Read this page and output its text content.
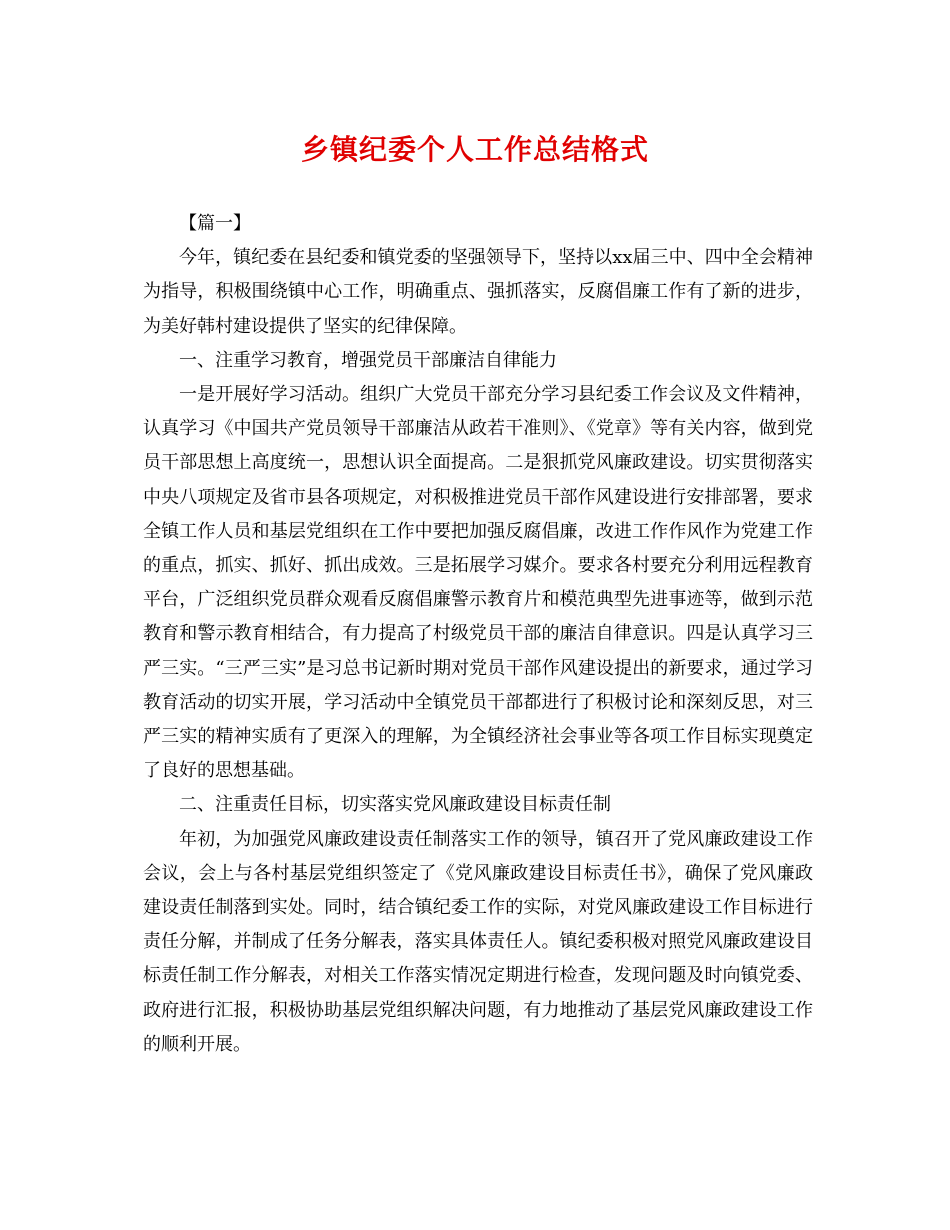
乡镇纪委个人工作总结格式

【篇一】

今年，镇纪委在县纪委和镇党委的坚强领导下，坚持以xx届三中、四中全会精神为指导，积极围绕镇中心工作，明确重点、强抓落实，反腐倡廉工作有了新的进步，为美好韩村建设提供了坚实的纪律保障。

一、注重学习教育，增强党员干部廉洁自律能力

一是开展好学习活动。组织广大党员干部充分学习县纪委工作会议及文件精神，认真学习《中国共产党员领导干部廉洁从政若干准则》、《党章》等有关内容，做到党员干部思想上高度统一，思想认识全面提高。二是狠抓党风廉政建设。切实贯彻落实中央八项规定及省市县各项规定，对积极推进党员干部作风建设进行安排部署，要求全镇工作人员和基层党组织在工作中要把加强反腐倡廉，改进工作作风作为党建工作的重点，抓实、抓好、抓出成效。三是拓展学习媒介。要求各村要充分利用远程教育平台，广泛组织党员群众观看反腐倡廉警示教育片和模范典型先进事迹等，做到示范教育和警示教育相结合，有力提高了村级党员干部的廉洁自律意识。四是认真学习三严三实。“三严三实”是习总书记新时期对党员干部作风建设提出的新要求，通过学习教育活动的切实开展，学习活动中全镇党员干部都进行了积极讨论和深刻反思，对三严三实的精神实质有了更深入的理解，为全镇经济社会事业等各项工作目标实现奠定了良好的思想基础。

二、注重责任目标，切实落实党风廉政建设目标责任制

年初，为加强党风廉政建设责任制落实工作的领导，镇召开了党风廉政建设工作会议，会上与各村基层党组织签定了《党风廉政建设目标责任书》，确保了党风廉政建设责任制落到实处。同时，结合镇纪委工作的实际，对党风廉政建设工作目标进行责任分解，并制成了任务分解表，落实具体责任人。镇纪委积极对照党风廉政建设目标责任制工作分解表，对相关工作落实情况定期进行检查，发现问题及时向镇党委、政府进行汇报，积极协助基层党组织解决问题，有力地推动了基层党风廉政建设工作的顺利开展。
